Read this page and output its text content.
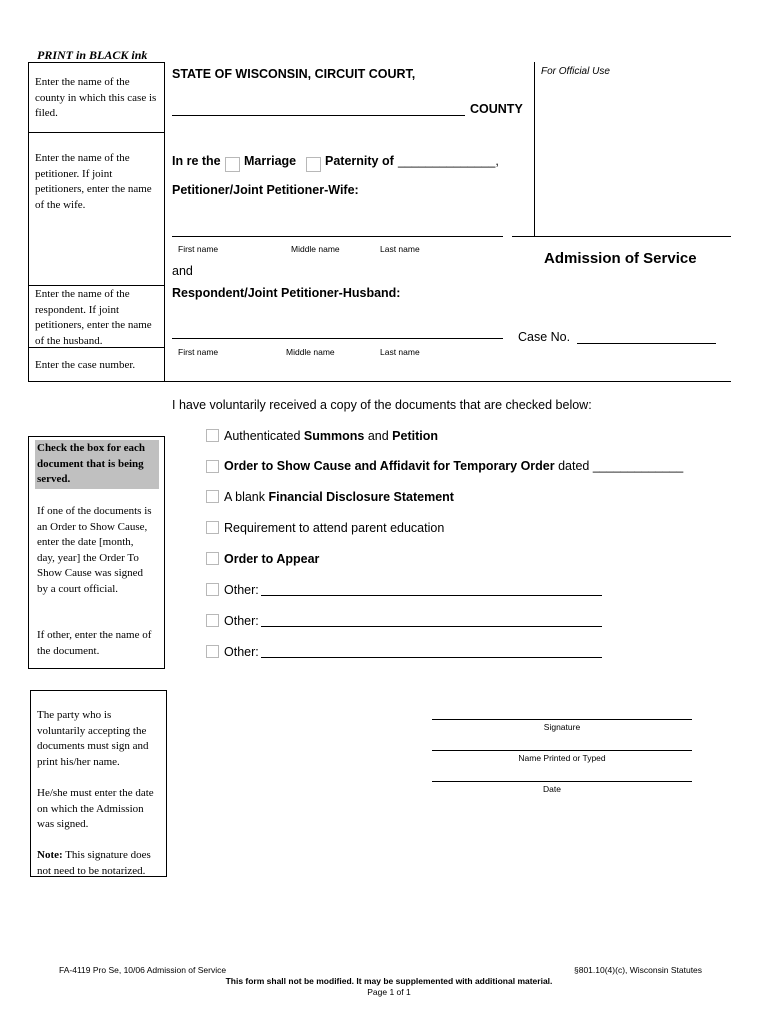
PRINT in BLACK ink
Enter the name of the county in which this case is filed.
Enter the name of the petitioner. If joint petitioners, enter the name of the wife.
Enter the name of the respondent. If joint petitioners, enter the name of the husband.
Enter the case number.
STATE OF WISCONSIN, CIRCUIT COURT,
COUNTY
For Official Use
In re the Marriage Paternity of ______________,
Petitioner/Joint Petitioner-Wife:
First name	Middle name	Last name
and
Admission of Service
Respondent/Joint Petitioner-Husband:
First name	Middle name	Last name
Case No.
I have voluntarily received a copy of the documents that are checked below:
Check the box for each document that is being served.
If one of the documents is an Order to Show Cause, enter the date [month, day, year] the Order To Show Cause was signed by a court official.
If other, enter the name of the document.
Authenticated Summons and Petition
Order to Show Cause and Affidavit for Temporary Order dated _____________
A blank Financial Disclosure Statement
Requirement to attend parent education
Order to Appear
Other:
Other:
Other:
The party who is voluntarily accepting the documents must sign and print his/her name.
He/she must enter the date on which the Admission was signed.
Note: This signature does not need to be notarized.
Signature
Name Printed or Typed
Date
FA-4119 Pro Se, 10/06 Admission of Service	§801.10(4)(c), Wisconsin Statutes
This form shall not be modified. It may be supplemented with additional material.
Page 1 of 1
